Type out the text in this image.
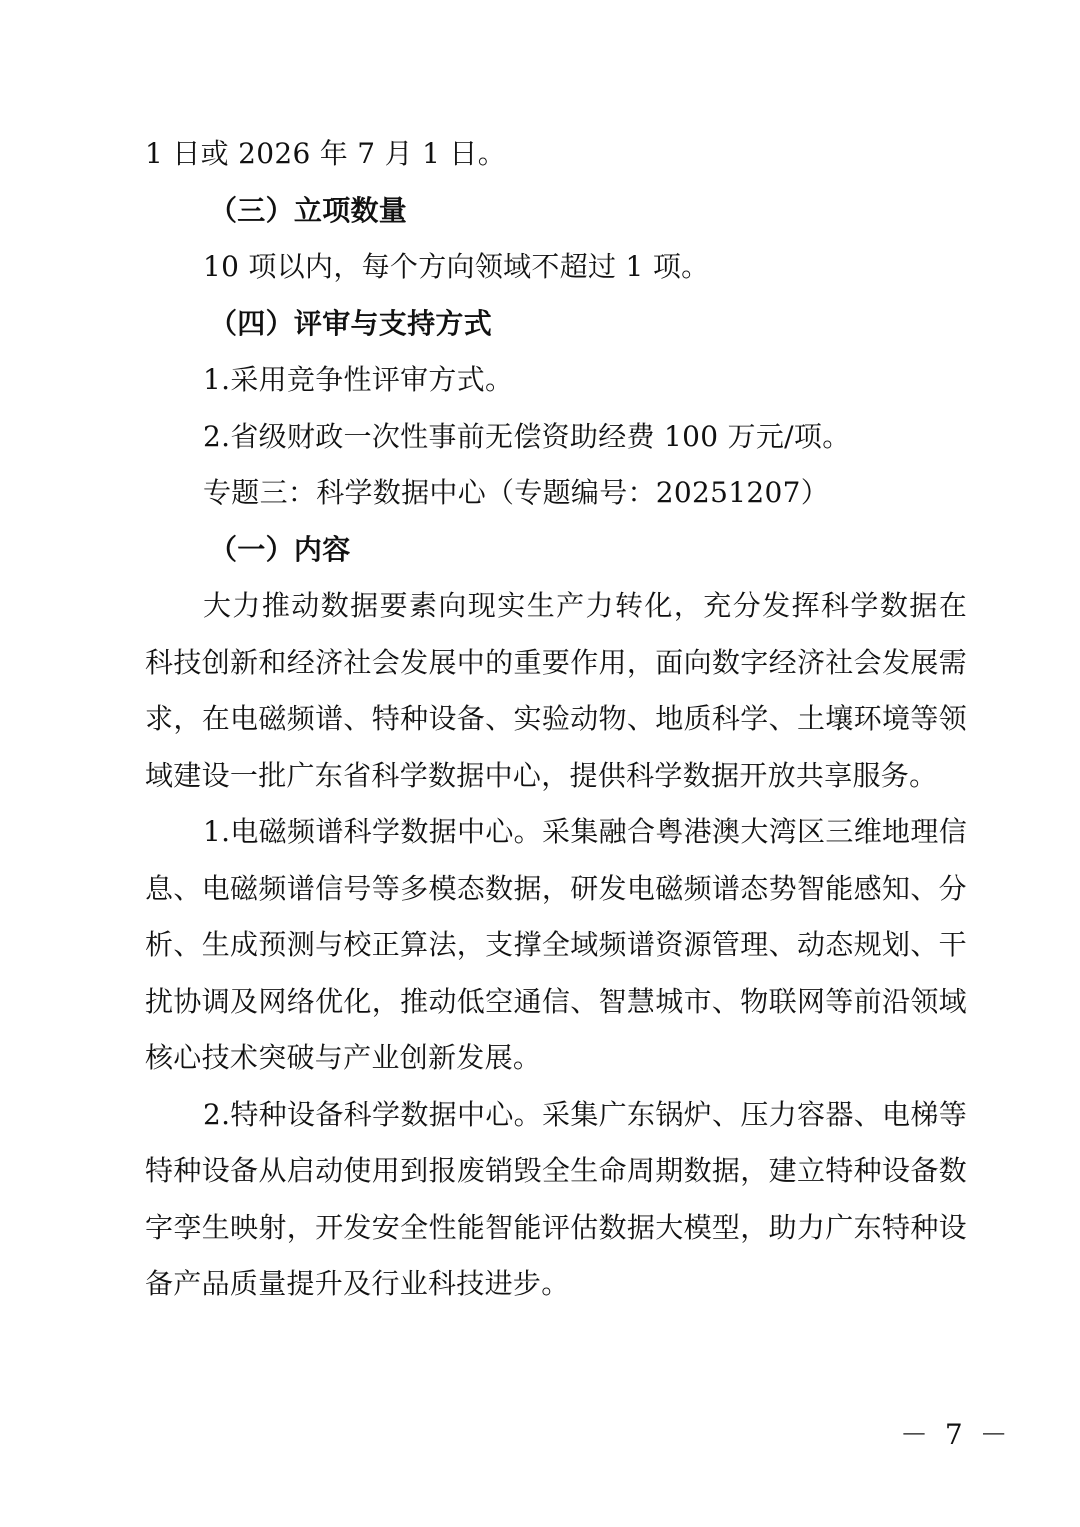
1 日或 2026 年 7 月 1 日。

（三）立项数量

10 项以内，每个方向领域不超过 1 项。

（四）评审与支持方式

1.采用竞争性评审方式。

2.省级财政一次性事前无偿资助经费 100 万元/项。

专题三：科学数据中心（专题编号：20251207）

（一）内容

大力推动数据要素向现实生产力转化，充分发挥科学数据在科技创新和经济社会发展中的重要作用，面向数字经济社会发展需求，在电磁频谱、特种设备、实验动物、地质科学、土壤环境等领域建设一批广东省科学数据中心，提供科学数据开放共享服务。

1.电磁频谱科学数据中心。采集融合粤港澳大湾区三维地理信息、电磁频谱信号等多模态数据，研发电磁频谱态势智能感知、分析、生成预测与校正算法，支撑全域频谱资源管理、动态规划、干扰协调及网络优化，推动低空通信、智慧城市、物联网等前沿领域核心技术突破与产业创新发展。

2.特种设备科学数据中心。采集广东锅炉、压力容器、电梯等特种设备从启动使用到报废销毁全生命周期数据，建立特种设备数字孪生映射，开发安全性能智能评估数据大模型，助力广东特种设备产品质量提升及行业科技进步。

－ 7 －
